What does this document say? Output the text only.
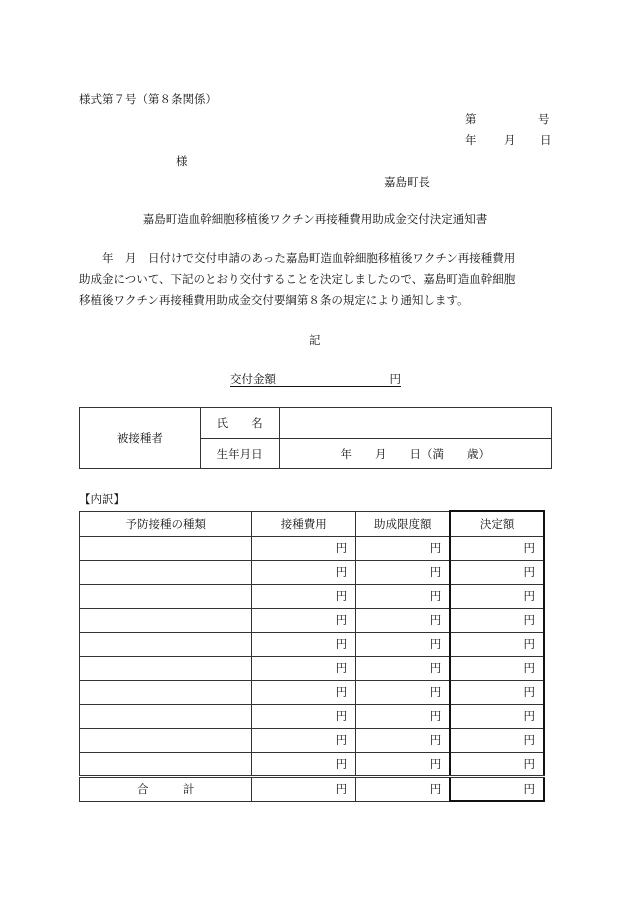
様式第７号（第８条関係）
第	号
年 月 日
様
嘉島町長
嘉島町造血幹細胞移植後ワクチン再接種費用助成金交付決定通知書
年　月　日付けで交付申請のあった嘉島町造血幹細胞移植後ワクチン再接種費用
助成金について、下記のとおり交付することを決定しましたので、嘉島町造血幹細胞
移植後ワクチン再接種費用助成金交付要綱第８条の規定により通知します。
記
交付金額	円
被接種者	氏　　名	
	生年月日	年　　月　　日（満　　歳）
【内訳】
予防接種の種類	接種費用	助成限度額	決定額
	円	円	円
	円	円	円
	円	円	円
	円	円	円
	円	円	円
	円	円	円
	円	円	円
	円	円	円
	円	円	円
	円	円	円
合　　　計	円	円	円
